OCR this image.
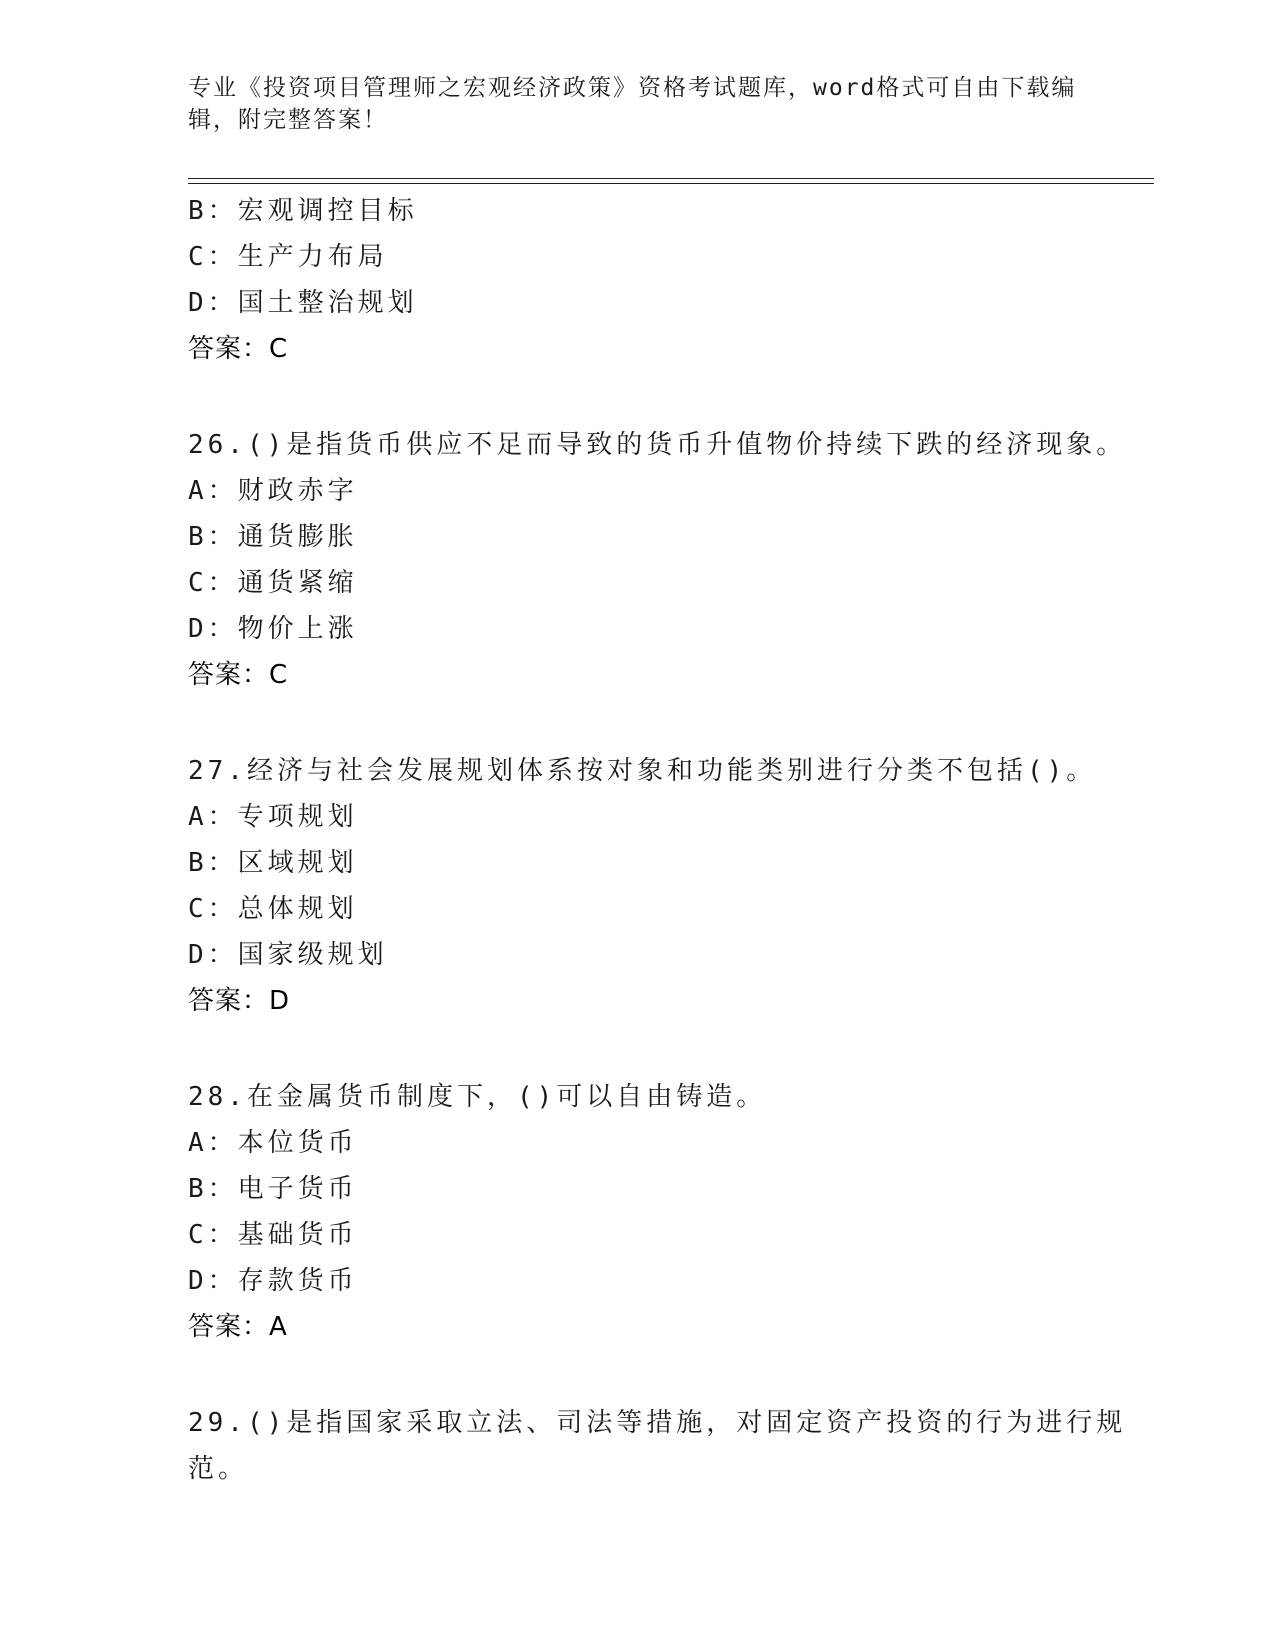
专业《投资项目管理师之宏观经济政策》资格考试题库，word格式可自由下载编
辑，附完整答案！
B：宏观调控目标
C：生产力布局
D：国土整治规划
答案：C
26.()是指货币供应不足而导致的货币升值物价持续下跌的经济现象。
A：财政赤字
B：通货膨胀
C：通货紧缩
D：物价上涨
答案：C
27.经济与社会发展规划体系按对象和功能类别进行分类不包括()。
A：专项规划
B：区域规划
C：总体规划
D：国家级规划
答案：D
28.在金属货币制度下，()可以自由铸造。
A：本位货币
B：电子货币
C：基础货币
D：存款货币
答案：A
29.()是指国家采取立法、司法等措施，对固定资产投资的行为进行规
范。
